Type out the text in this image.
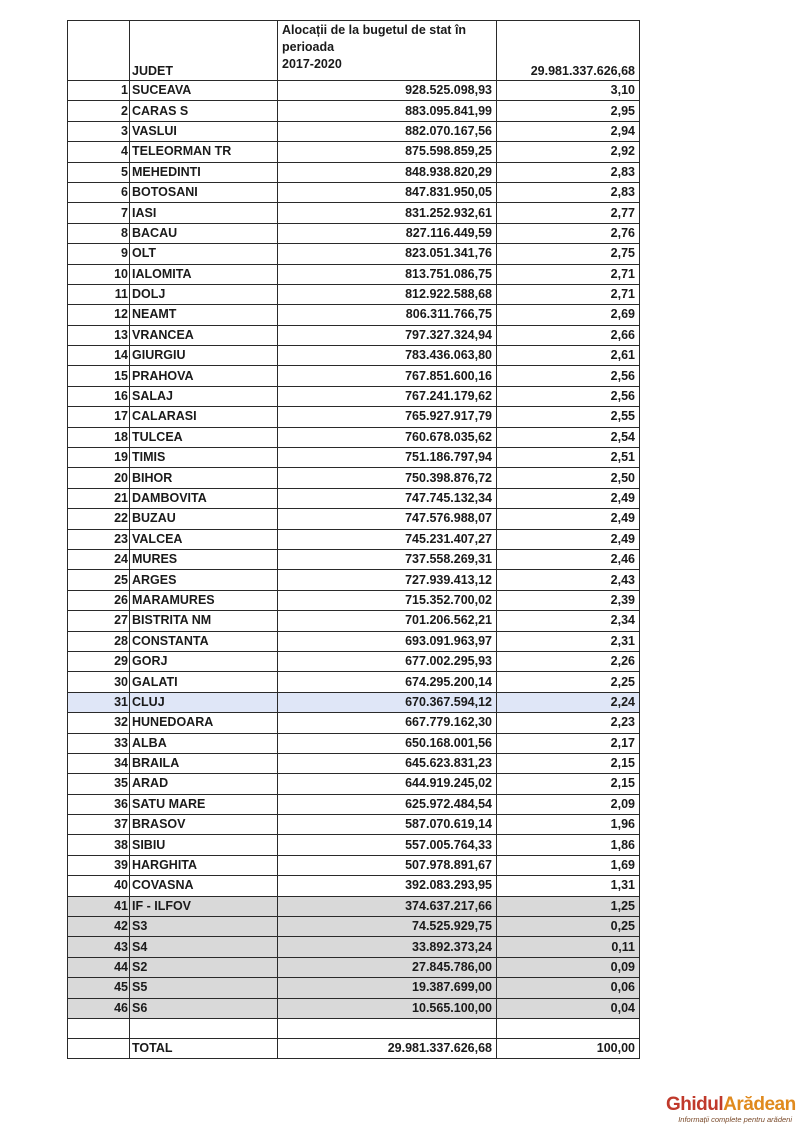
	JUDET	Alocații de la bugetul de stat în
perioada
2017-2020	29.981.337.626,68
1	SUCEAVA	928.525.098,93	3,10
2	CARAS S	883.095.841,99	2,95
3	VASLUI	882.070.167,56	2,94
4	TELEORMAN TR	875.598.859,25	2,92
5	MEHEDINTI	848.938.820,29	2,83
6	BOTOSANI	847.831.950,05	2,83
7	IASI	831.252.932,61	2,77
8	BACAU	827.116.449,59	2,76
9	OLT	823.051.341,76	2,75
10	IALOMITA	813.751.086,75	2,71
11	DOLJ	812.922.588,68	2,71
12	NEAMT	806.311.766,75	2,69
13	VRANCEA	797.327.324,94	2,66
14	GIURGIU	783.436.063,80	2,61
15	PRAHOVA	767.851.600,16	2,56
16	SALAJ	767.241.179,62	2,56
17	CALARASI	765.927.917,79	2,55
18	TULCEA	760.678.035,62	2,54
19	TIMIS	751.186.797,94	2,51
20	BIHOR	750.398.876,72	2,50
21	DAMBOVITA	747.745.132,34	2,49
22	BUZAU	747.576.988,07	2,49
23	VALCEA	745.231.407,27	2,49
24	MURES	737.558.269,31	2,46
25	ARGES	727.939.413,12	2,43
26	MARAMURES	715.352.700,02	2,39
27	BISTRITA NM	701.206.562,21	2,34
28	CONSTANTA	693.091.963,97	2,31
29	GORJ	677.002.295,93	2,26
30	GALATI	674.295.200,14	2,25
31	CLUJ	670.367.594,12	2,24
32	HUNEDOARA	667.779.162,30	2,23
33	ALBA	650.168.001,56	2,17
34	BRAILA	645.623.831,23	2,15
35	ARAD	644.919.245,02	2,15
36	SATU MARE	625.972.484,54	2,09
37	BRASOV	587.070.619,14	1,96
38	SIBIU	557.005.764,33	1,86
39	HARGHITA	507.978.891,67	1,69
40	COVASNA	392.083.293,95	1,31
41	IF - ILFOV	374.637.217,66	1,25
42	S3	74.525.929,75	0,25
43	S4	33.892.373,24	0,11
44	S2	27.845.786,00	0,09
45	S5	19.387.699,00	0,06
46	S6	10.565.100,00	0,04

	TOTAL	29.981.337.626,68	100,00
GhidulArădean
Informații complete pentru arădeni
